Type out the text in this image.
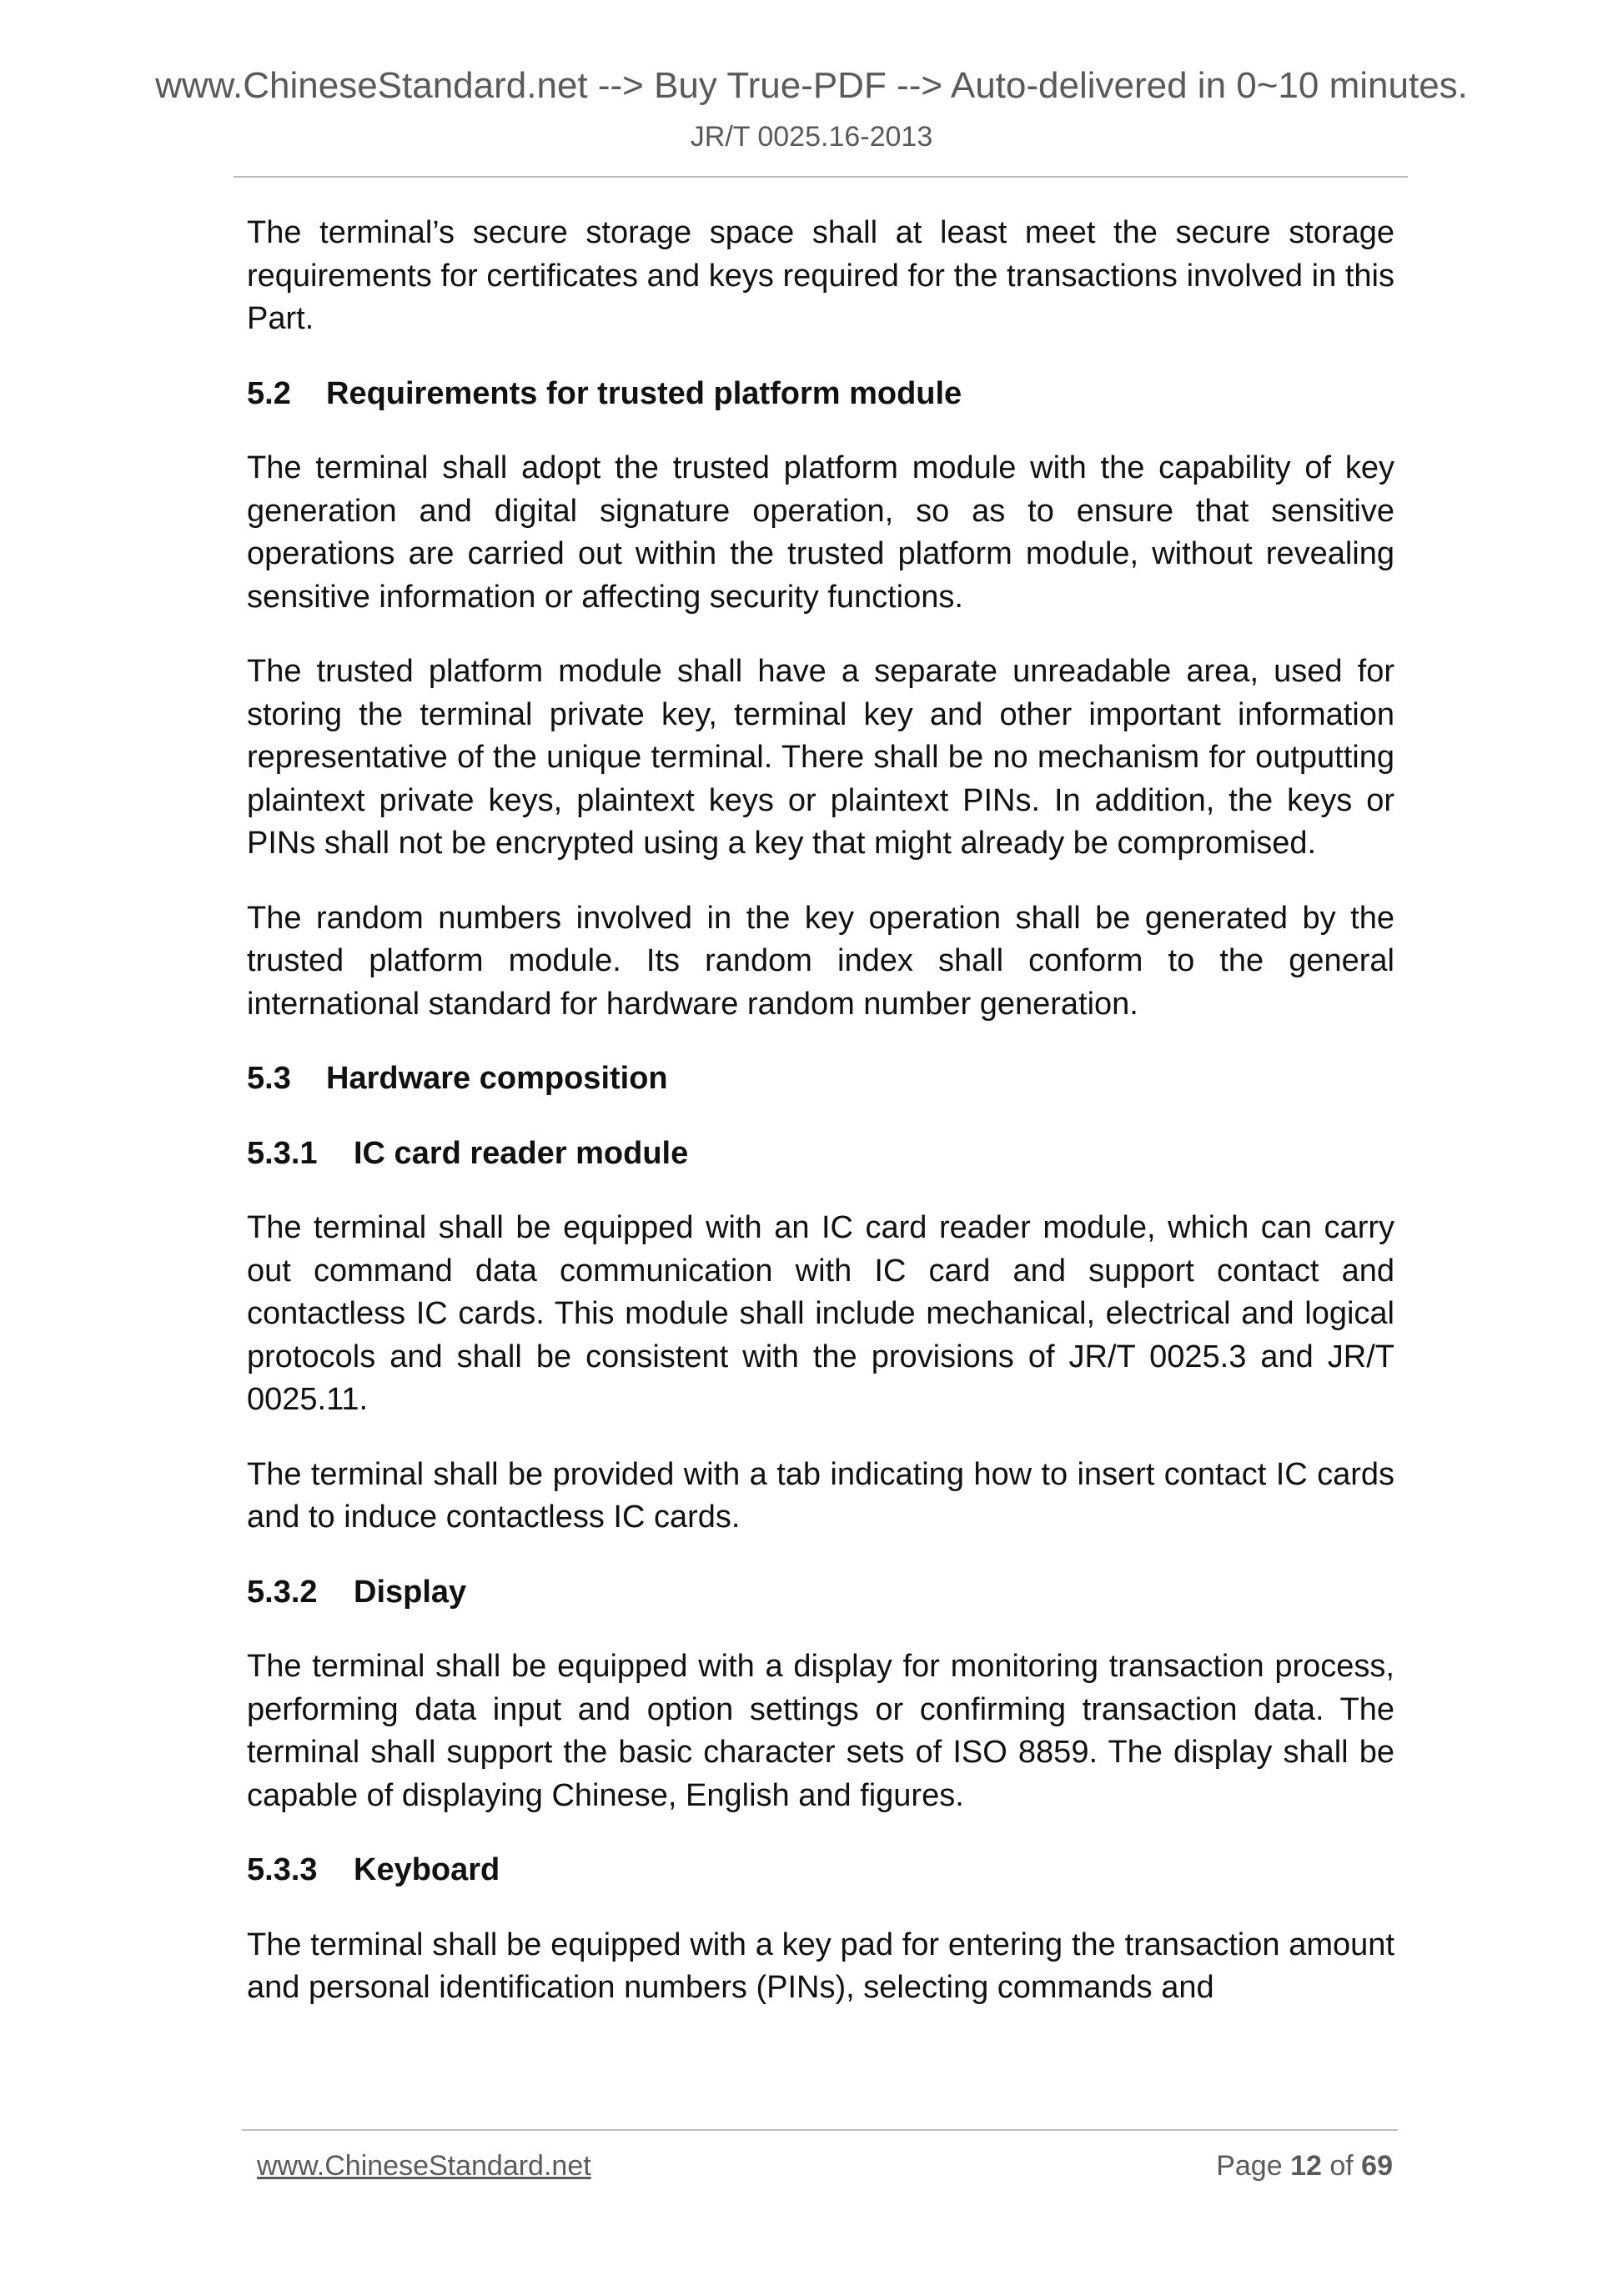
www.ChineseStandard.net --> Buy True-PDF --> Auto-delivered in 0~10 minutes.
JR/T 0025.16-2013

The terminal’s secure storage space shall at least meet the secure storage requirements for certificates and keys required for the transactions involved in this Part.

5.2	Requirements for trusted platform module

The terminal shall adopt the trusted platform module with the capability of key generation and digital signature operation, so as to ensure that sensitive operations are carried out within the trusted platform module, without revealing sensitive information or affecting security functions.

The trusted platform module shall have a separate unreadable area, used for storing the terminal private key, terminal key and other important information representative of the unique terminal. There shall be no mechanism for outputting plaintext private keys, plaintext keys or plaintext PINs. In addition, the keys or PINs shall not be encrypted using a key that might already be compromised.

The random numbers involved in the key operation shall be generated by the trusted platform module. Its random index shall conform to the general international standard for hardware random number generation.

5.3	Hardware composition
5.3.1	IC card reader module

The terminal shall be equipped with an IC card reader module, which can carry out command data communication with IC card and support contact and contactless IC cards. This module shall include mechanical, electrical and logical protocols and shall be consistent with the provisions of JR/T 0025.3 and JR/T 0025.11.

The terminal shall be provided with a tab indicating how to insert contact IC cards and to induce contactless IC cards.

5.3.2	Display

The terminal shall be equipped with a display for monitoring transaction process, performing data input and option settings or confirming transaction data. The terminal shall support the basic character sets of ISO 8859. The display shall be capable of displaying Chinese, English and figures.

5.3.3	Keyboard

The terminal shall be equipped with a key pad for entering the transaction amount and personal identification numbers (PINs), selecting commands and

www.ChineseStandard.net	Page 12 of 69
